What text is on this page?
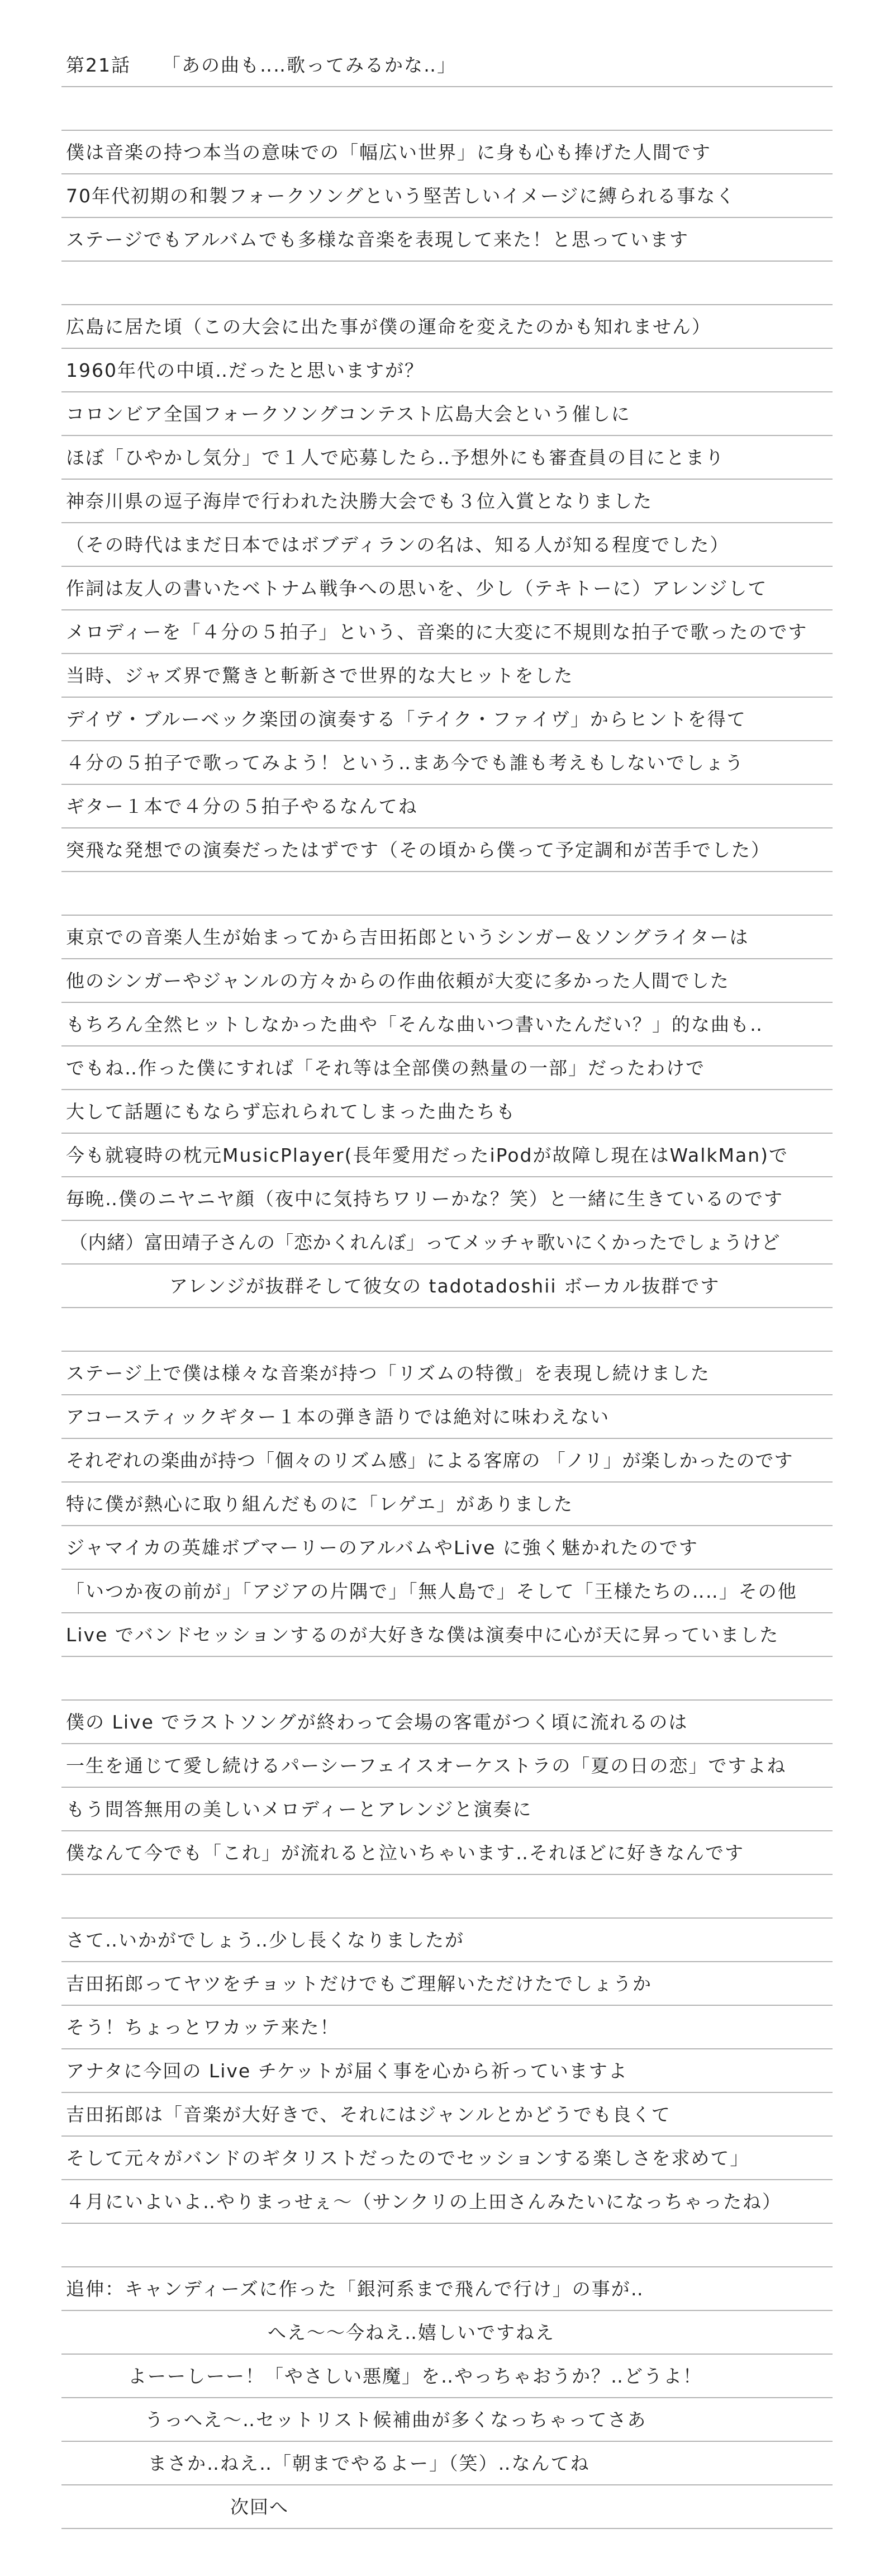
第21話 「あの曲も‥‥歌ってみるかな‥」
僕は音楽の持つ本当の意味での「幅広い世界」に身も心も捧げた人間です
70年代初期の和製フォークソングという堅苦しいイメージに縛られる事なく
ステージでもアルバムでも多様な音楽を表現して来た！と思っています
広島に居た頃（この大会に出た事が僕の運命を変えたのかも知れません）
1960年代の中頃‥だったと思いますが？
コロンビア全国フォークソングコンテスト広島大会という催しに
ほぼ「ひやかし気分」で１人で応募したら‥予想外にも審査員の目にとまり
神奈川県の逗子海岸で行われた決勝大会でも３位入賞となりました
（その時代はまだ日本ではボブディランの名は、知る人が知る程度でした）
作詞は友人の書いたベトナム戦争への思いを、少し（テキトーに）アレンジして
メロディーを「４分の５拍子」という、音楽的に大変に不規則な拍子で歌ったのです
当時、ジャズ界で驚きと斬新さで世界的な大ヒットをした
デイヴ・ブルーベック楽団の演奏する「テイク・ファイヴ」からヒントを得て
４分の５拍子で歌ってみよう！という‥まあ今でも誰も考えもしないでしょう
ギター１本で４分の５拍子やるなんてね
突飛な発想での演奏だったはずです（その頃から僕って予定調和が苦手でした）
東京での音楽人生が始まってから吉田拓郎というシンガー＆ソングライターは
他のシンガーやジャンルの方々からの作曲依頼が大変に多かった人間でした
もちろん全然ヒットしなかった曲や「そんな曲いつ書いたんだい？」的な曲も‥
でもね‥作った僕にすれば「それ等は全部僕の熱量の一部」だったわけで
大して話題にもならず忘れられてしまった曲たちも
今も就寝時の枕元MusicPlayer(長年愛用だったiPodが故障し現在はWalkMan)で
毎晩‥僕のニヤニヤ顔（夜中に気持ちワリーかな？笑）と一緒に生きているのです
（内緒）富田靖子さんの「恋かくれんぼ」ってメッチャ歌いにくかったでしょうけど
アレンジが抜群そして彼女の tadotadoshii ボーカル抜群です
ステージ上で僕は様々な音楽が持つ「リズムの特徴」を表現し続けました
アコースティックギター１本の弾き語りでは絶対に味わえない
それぞれの楽曲が持つ「個々のリズム感」による客席の 「ノリ」が楽しかったのです
特に僕が熱心に取り組んだものに「レゲエ」がありました
ジャマイカの英雄ボブマーリーのアルバムやLive に強く魅かれたのです
「いつか夜の前が」「アジアの片隅で」「無人島で」そして「王様たちの‥‥」その他
Live でバンドセッションするのが大好きな僕は演奏中に心が天に昇っていました
僕の Live でラストソングが終わって会場の客電がつく頃に流れるのは
一生を通じて愛し続けるパーシーフェイスオーケストラの「夏の日の恋」ですよね
もう問答無用の美しいメロディーとアレンジと演奏に
僕なんて今でも「これ」が流れると泣いちゃいます‥それほどに好きなんです
さて‥いかがでしょう‥少し長くなりましたが
吉田拓郎ってヤツをチョットだけでもご理解いただけたでしょうか
そう！ちょっとワカッテ来た！
アナタに今回の Live チケットが届く事を心から祈っていますよ
吉田拓郎は「音楽が大好きで、それにはジャンルとかどうでも良くて
そして元々がバンドのギタリストだったのでセッションする楽しさを求めて」
４月にいよいよ‥やりまっせぇ～（サンクリの上田さんみたいになっちゃったね）
追伸：キャンディーズに作った「銀河系まで飛んで行け」の事が‥
へえ～～今ねえ‥嬉しいですねえ
よーーしーー！「やさしい悪魔」を‥やっちゃおうか？‥どうよ！
うっへえ～‥セットリスト候補曲が多くなっちゃってさあ
まさか‥ねえ‥「朝までやるよー」（笑）‥なんてね
次回へ
